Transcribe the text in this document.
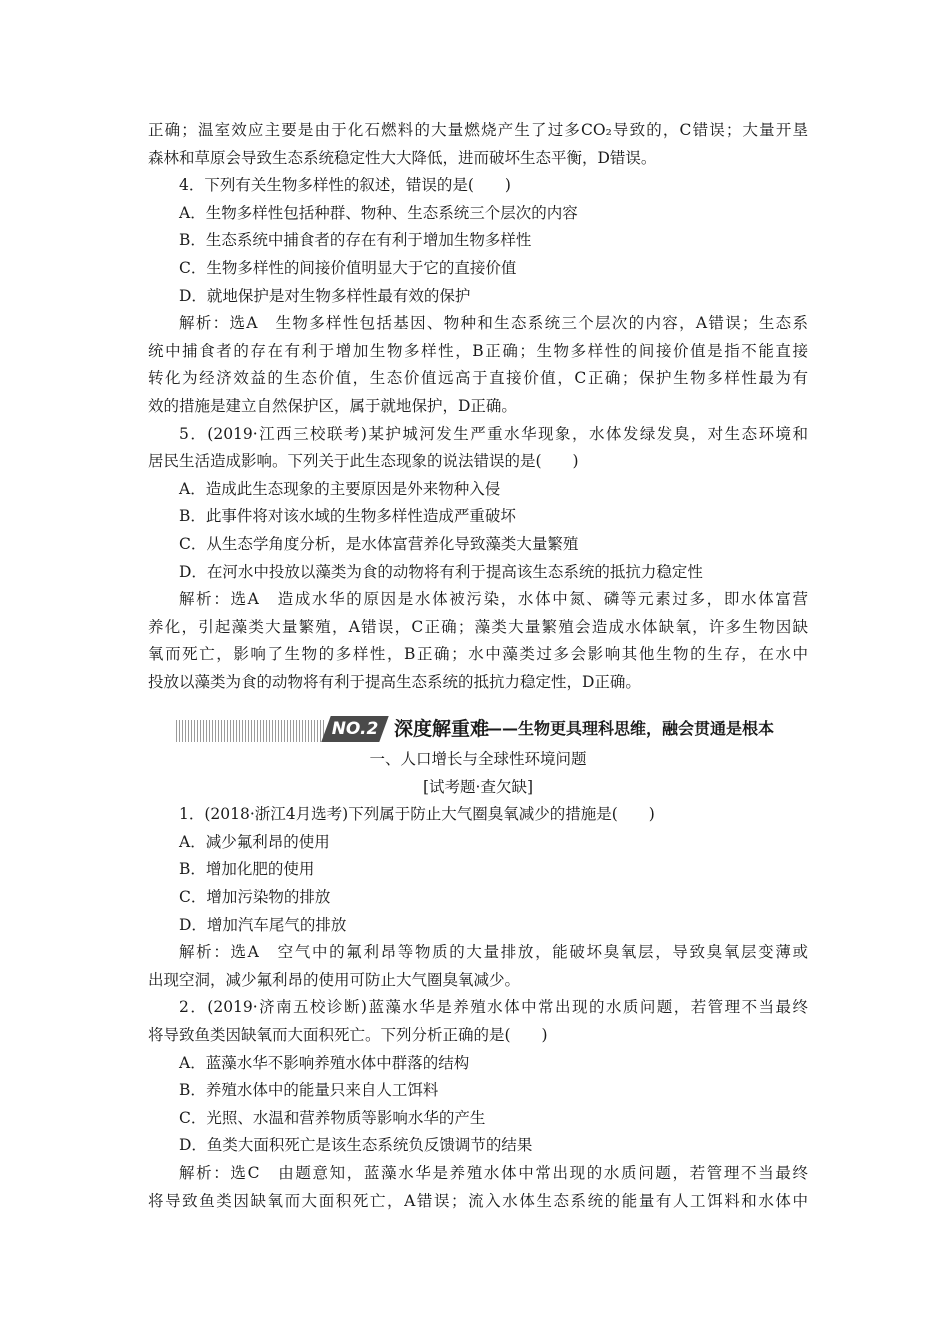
正确；温室效应主要是由于化石燃料的大量燃烧产生了过多CO₂导致的，C错误；大量开垦
森林和草原会导致生态系统稳定性大大降低，进而破坏生态平衡，D错误。
4．下列有关生物多样性的叙述，错误的是(　　)
A．生物多样性包括种群、物种、生态系统三个层次的内容
B．生态系统中捕食者的存在有利于增加生物多样性
C．生物多样性的间接价值明显大于它的直接价值
D．就地保护是对生物多样性最有效的保护
解析：选A　生物多样性包括基因、物种和生态系统三个层次的内容，A错误；生态系
统中捕食者的存在有利于增加生物多样性，B正确；生物多样性的间接价值是指不能直接
转化为经济效益的生态价值，生态价值远高于直接价值，C正确；保护生物多样性最为有
效的措施是建立自然保护区，属于就地保护，D正确。
5．(2019·江西三校联考)某护城河发生严重水华现象，水体发绿发臭，对生态环境和
居民生活造成影响。下列关于此生态现象的说法错误的是(　　)
A．造成此生态现象的主要原因是外来物种入侵
B．此事件将对该水域的生物多样性造成严重破坏
C．从生态学角度分析，是水体富营养化导致藻类大量繁殖
D．在河水中投放以藻类为食的动物将有利于提高该生态系统的抵抗力稳定性
解析：选A　造成水华的原因是水体被污染，水体中氮、磷等元素过多，即水体富营
养化，引起藻类大量繁殖，A错误，C正确；藻类大量繁殖会造成水体缺氧，许多生物因缺
氧而死亡，影响了生物的多样性，B正确；水中藻类过多会影响其他生物的生存，在水中
投放以藻类为食的动物将有利于提高生态系统的抵抗力稳定性，D正确。
NO.2 深度解重难
——生物更具理科思维，融会贯通是根本
一、人口增长与全球性环境问题
[试考题·查欠缺]
1．(2018·浙江4月选考)下列属于防止大气圈臭氧减少的措施是(　　)
A．减少氟利昂的使用
B．增加化肥的使用
C．增加污染物的排放
D．增加汽车尾气的排放
解析：选A　空气中的氟利昂等物质的大量排放，能破坏臭氧层，导致臭氧层变薄或
出现空洞，减少氟利昂的使用可防止大气圈臭氧减少。
2．(2019·济南五校诊断)蓝藻水华是养殖水体中常出现的水质问题，若管理不当最终
将导致鱼类因缺氧而大面积死亡。下列分析正确的是(　　)
A．蓝藻水华不影响养殖水体中群落的结构
B．养殖水体中的能量只来自人工饵料
C．光照、水温和营养物质等影响水华的产生
D．鱼类大面积死亡是该生态系统负反馈调节的结果
解析：选C　由题意知，蓝藻水华是养殖水体中常出现的水质问题，若管理不当最终
将导致鱼类因缺氧而大面积死亡，A错误；流入水体生态系统的能量有人工饵料和水体中
